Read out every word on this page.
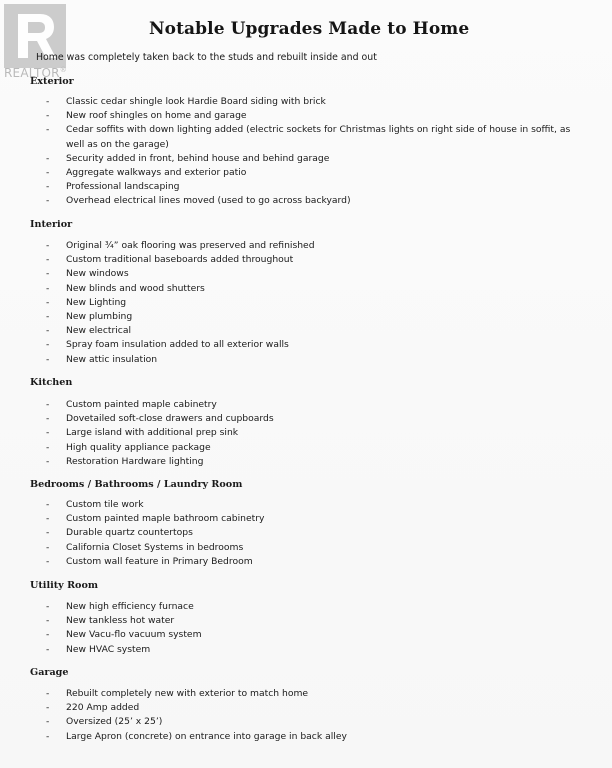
REALTOR®
Notable Upgrades Made to Home
Home was completely taken back to the studs and rebuilt inside and out
Exterior
- Classic cedar shingle look Hardie Board siding with brick
- New roof shingles on home and garage
- Cedar soffits with down lighting added (electric sockets for Christmas lights on right side of house in soffit, as well as on the garage)
- Security added in front, behind house and behind garage
- Aggregate walkways and exterior patio
- Professional landscaping
- Overhead electrical lines moved (used to go across backyard)
Interior
- Original ¾” oak flooring was preserved and refinished
- Custom traditional baseboards added throughout
- New windows
- New blinds and wood shutters
- New Lighting
- New plumbing
- New electrical
- Spray foam insulation added to all exterior walls
- New attic insulation
Kitchen
- Custom painted maple cabinetry
- Dovetailed soft-close drawers and cupboards
- Large island with additional prep sink
- High quality appliance package
- Restoration Hardware lighting
Bedrooms / Bathrooms / Laundry Room
- Custom tile work
- Custom painted maple bathroom cabinetry
- Durable quartz countertops
- California Closet Systems in bedrooms
- Custom wall feature in Primary Bedroom
Utility Room
- New high efficiency furnace
- New tankless hot water
- New Vacu-flo vacuum system
- New HVAC system
Garage
- Rebuilt completely new with exterior to match home
- 220 Amp added
- Oversized (25’ x 25’)
- Large Apron (concrete) on entrance into garage in back alley
